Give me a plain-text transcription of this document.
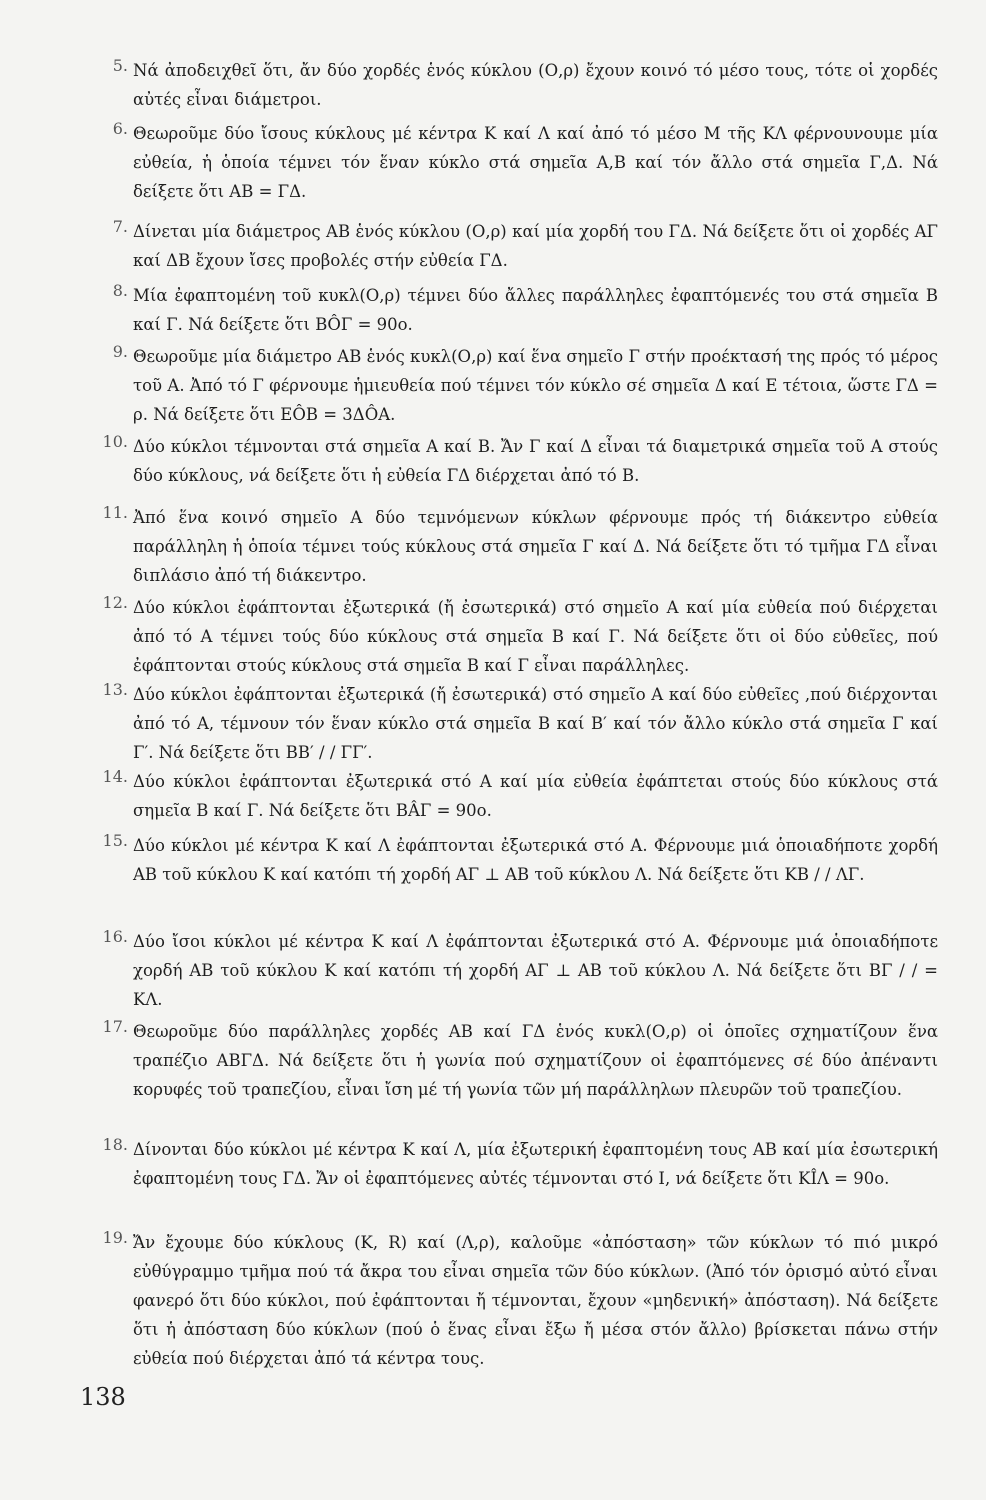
5. Νά ἀποδειχθεῖ ὅτι, ἄν δύο χορδές ἑνός κύκλου (Ο,ρ) ἔχουν κοινό τό μέσο τους, τότε οἱ χορδές αὐτές εἶναι διάμετροι.
6. Θεωροῦμε δύο ἴσους κύκλους μέ κέντρα Κ καί Λ καί ἀπό τό μέσο Μ τῆς ΚΛ φέρνουνουμε μία εὐθεία, ἡ ὁποία τέμνει τόν ἕναν κύκλο στά σημεῖα Α,Β καί τόν ἄλλο στά σημεῖα Γ,Δ. Νά δείξετε ὅτι ΑΒ = ΓΔ.
7. Δίνεται μία διάμετρος ΑΒ ἑνός κύκλου (Ο,ρ) καί μία χορδή του ΓΔ. Νά δείξετε ὅτι οἱ χορδές ΑΓ καί ΔΒ ἔχουν ἴσες προβολές στήν εὐθεία ΓΔ.
8. Μία ἐφαπτομένη τοῦ κυκλ(Ο,ρ) τέμνει δύο ἄλλες παράλληλες ἐφαπτόμενές του στά σημεῖα Β καί Γ. Νά δείξετε ὅτι ΒÔΓ = 90ο.
9. Θεωροῦμε μία διάμετρο ΑΒ ἑνός κυκλ(Ο,ρ) καί ἕνα σημεῖο Γ στήν προέκτασή της πρός τό μέρος τοῦ Α. Ἀπό τό Γ φέρνουμε ἡμιευθεία πού τέμνει τόν κύκλο σέ σημεῖα Δ καί Ε τέτοια, ὥστε ΓΔ = ρ. Νά δείξετε ὅτι ΕÔΒ = 3ΔÔΑ.
10. Δύο κύκλοι τέμνονται στά σημεῖα Α καί Β. Ἄν Γ καί Δ εἶναι τά διαμετρικά σημεῖα τοῦ Α στούς δύο κύκλους, νά δείξετε ὅτι ἡ εὐθεία ΓΔ διέρχεται ἀπό τό Β.
11. Ἀπό ἕνα κοινό σημεῖο Α δύο τεμνόμενων κύκλων φέρνουμε πρός τή διάκεντρο εὐθεία παράλληλη ἡ ὁποία τέμνει τούς κύκλους στά σημεῖα Γ καί Δ. Νά δείξετε ὅτι τό τμῆμα ΓΔ εἶναι διπλάσιο ἀπό τή διάκεντρο.
12. Δύο κύκλοι ἐφάπτονται ἐξωτερικά (ἤ ἐσωτερικά) στό σημεῖο Α καί μία εὐθεία πού διέρχεται ἀπό τό Α τέμνει τούς δύο κύκλους στά σημεῖα Β καί Γ. Νά δείξετε ὅτι οἱ δύο εὐθεῖες, πού ἐφάπτονται στούς κύκλους στά σημεῖα Β καί Γ εἶναι παράλληλες.
13. Δύο κύκλοι ἐφάπτονται ἐξωτερικά (ἤ ἐσωτερικά) στό σημεῖο Α καί δύο εὐθεῖες ,πού διέρχονται ἀπό τό Α, τέμνουν τόν ἕναν κύκλο στά σημεῖα Β καί Β′ καί τόν ἄλλο κύκλο στά σημεῖα Γ καί Γ′. Νά δείξετε ὅτι ΒΒ′ / / ΓΓ′.
14. Δύο κύκλοι ἐφάπτονται ἐξωτερικά στό Α καί μία εὐθεία ἐφάπτεται στούς δύο κύκλους στά σημεῖα Β καί Γ. Νά δείξετε ὅτι ΒÂΓ = 90ο.
15. Δύο κύκλοι μέ κέντρα Κ καί Λ ἐφάπτονται ἐξωτερικά στό Α. Φέρνουμε μιά ὁποιαδήποτε χορδή ΑΒ τοῦ κύκλου Κ καί κατόπι τή χορδή ΑΓ ⊥ ΑΒ τοῦ κύκλου Λ. Νά δείξετε ὅτι ΚΒ / / ΛΓ.
16. Δύο ἴσοι κύκλοι μέ κέντρα Κ καί Λ ἐφάπτονται ἐξωτερικά στό Α. Φέρνουμε μιά ὁποιαδήποτε χορδή ΑΒ τοῦ κύκλου Κ καί κατόπι τή χορδή ΑΓ ⊥ ΑΒ τοῦ κύκλου Λ. Νά δείξετε ὅτι ΒΓ / / = ΚΛ.
17. Θεωροῦμε δύο παράλληλες χορδές ΑΒ καί ΓΔ ἑνός κυκλ(Ο,ρ) οἱ ὁποῖες σχηματίζουν ἕνα τραπέζιο ΑΒΓΔ. Νά δείξετε ὅτι ἡ γωνία πού σχηματίζουν οἱ ἐφαπτόμενες σέ δύο ἀπέναντι κορυφές τοῦ τραπεζίου, εἶναι ἴση μέ τή γωνία τῶν μή παράλληλων πλευρῶν τοῦ τραπεζίου.
18. Δίνονται δύο κύκλοι μέ κέντρα Κ καί Λ, μία ἐξωτερική ἐφαπτομένη τους ΑΒ καί μία ἐσωτερική ἐφαπτομένη τους ΓΔ. Ἄν οἱ ἐφαπτόμενες αὐτές τέμνονται στό Ι, νά δείξετε ὅτι ΚÎΛ = 90ο.
19. Ἄν ἔχουμε δύο κύκλους (Κ, R) καί (Λ,ρ), καλοῦμε «ἀπόσταση» τῶν κύκλων τό πιό μικρό εὐθύγραμμο τμῆμα πού τά ἄκρα του εἶναι σημεῖα τῶν δύο κύκλων. (Ἀπό τόν ὁρισμό αὐτό εἶναι φανερό ὅτι δύο κύκλοι, πού ἐφάπτονται ἤ τέμνονται, ἔχουν «μηδενική» ἀπόσταση). Νά δείξετε ὅτι ἡ ἀπόσταση δύο κύκλων (πού ὁ ἕνας εἶναι ἔξω ἤ μέσα στόν ἄλλο) βρίσκεται πάνω στήν εὐθεία πού διέρχεται ἀπό τά κέντρα τους.
138
